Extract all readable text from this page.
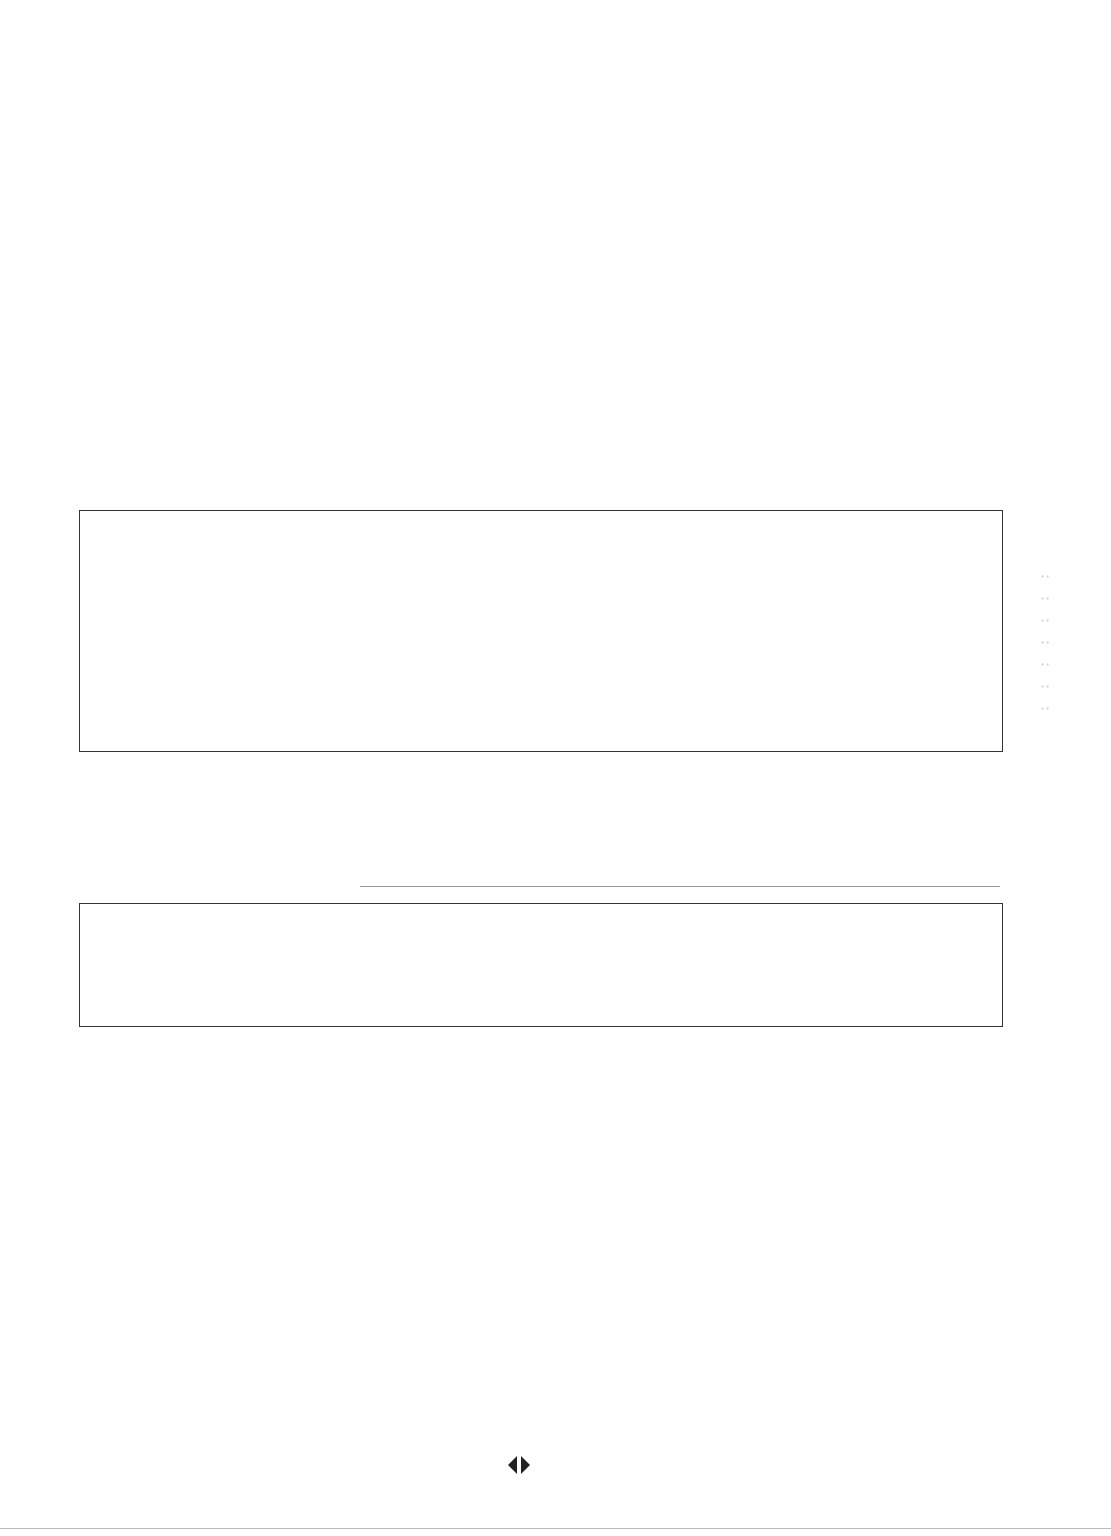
··
··
··
··
··
··
··
